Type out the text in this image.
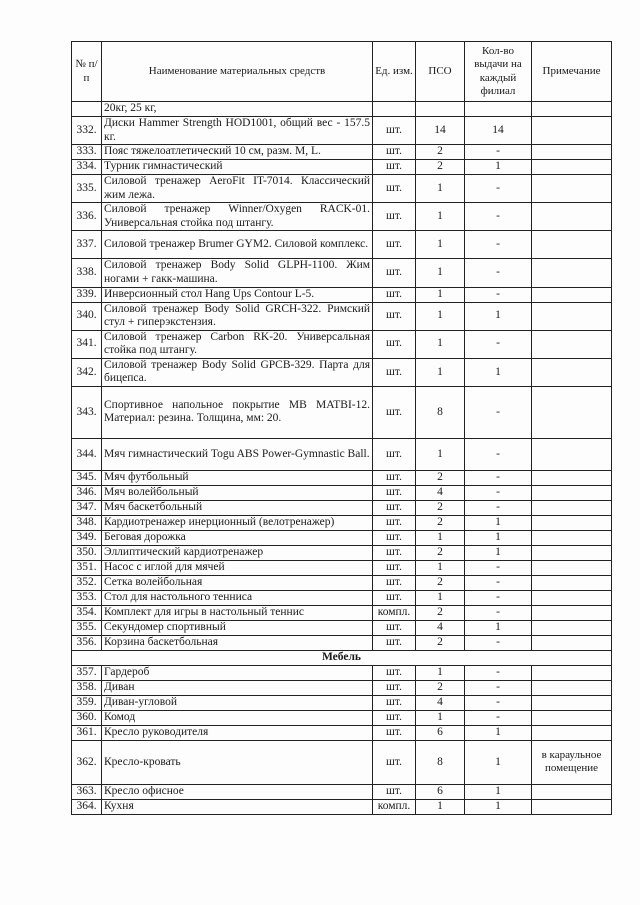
№ п/п	Наименование материальных средств	Ед. изм.	ПСО	Кол-во выдачи на каждый филиал	Примечание
	20кг, 25 кг,				
332.	Диски Hammer Strength HOD1001, общий вес - 157.5 кг.	шт.	14	14	
333.	Пояс тяжелоатлетический 10 см, разм. M, L.	шт.	2	-	
334.	Турник гимнастический	шт.	2	1	
335.	Силовой тренажер AeroFit IT-7014. Классический жим лежа.	шт.	1	-	
336.	Силовой тренажер Winner/Oxygen RACK-01. Универсальная стойка под штангу.	шт.	1	-	
337.	Силовой тренажер Brumer GYM2. Силовой комплекс.	шт.	1	-	
338.	Силовой тренажер Body Solid GLPH-1100. Жим ногами + гакк-машина.	шт.	1	-	
339.	Инверсионный стол Hang Ups Contour L-5.	шт.	1	-	
340.	Силовой тренажер Body Solid GRCH-322. Римский стул + гиперэкстензия.	шт.	1	1	
341.	Силовой тренажер Carbon RK-20. Универсальная стойка под штангу.	шт.	1	-	
342.	Силовой тренажер Body Solid GPCB-329. Парта для бицепса.	шт.	1	1	
343.	Спортивное напольное покрытие MB MATBI-12. Материал: резина. Толщина, мм: 20.	шт.	8	-	
344.	Мяч гимнастический Togu ABS Power-Gymnastic Ball.	шт.	1	-	
345.	Мяч футбольный	шт.	2	-	
346.	Мяч волейбольный	шт.	4	-	
347.	Мяч баскетбольный	шт.	2	-	
348.	Кардиотренажер инерционный (велотренажер)	шт.	2	1	
349.	Беговая дорожка	шт.	1	1	
350.	Эллиптический кардиотренажер	шт.	2	1	
351.	Насос с иглой для мячей	шт.	1	-	
352.	Сетка волейбольная	шт.	2	-	
353.	Стол для настольного тенниса	шт.	1	-	
354.	Комплект для игры в настольный теннис	компл.	2	-	
355.	Секундомер спортивный	шт.	4	1	
356.	Корзина баскетбольная	шт.	2	-	
Мебель					
357.	Гардероб	шт.	1	-	
358.	Диван	шт.	2	-	
359.	Диван-угловой	шт.	4	-	
360.	Комод	шт.	1	-	
361.	Кресло руководителя	шт.	6	1	
362.	Кресло-кровать	шт.	8	1	в караульное помещение
363.	Кресло офисное	шт.	6	1	
364.	Кухня	компл.	1	1	
